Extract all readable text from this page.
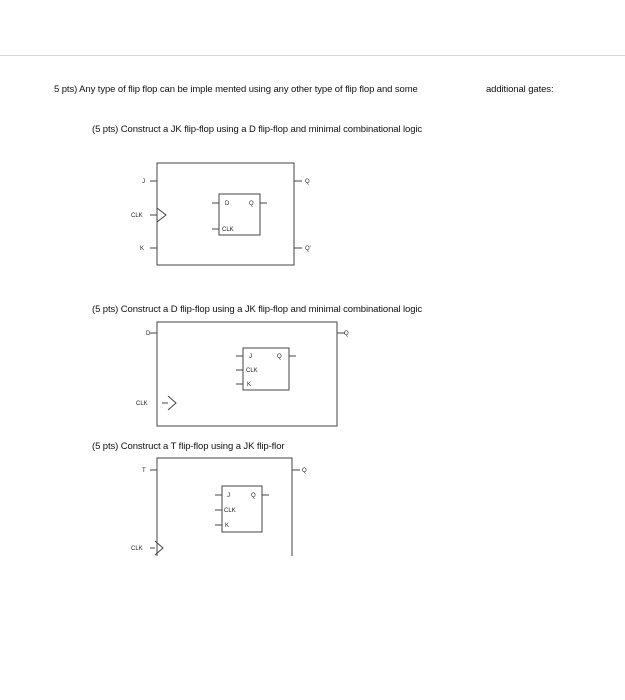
5 pts) Any type of flip flop can be imple mented using any other type of flip flop and some	additional gates:
(5 pts) Construct a JK flip-flop using a D flip-flop and minimal combinational logic
(5 pts) Construct a D flip-flop using a JK flip-flop and minimal combinational logic
(5 pts) Construct a T flip-flop using a JK flip-flor
J
CLK
K
Q
Q'
D	Q
CLK
D
CLK
Q
J	Q
CLK
K
T
CLK
Q
J	Q
CLK
K
